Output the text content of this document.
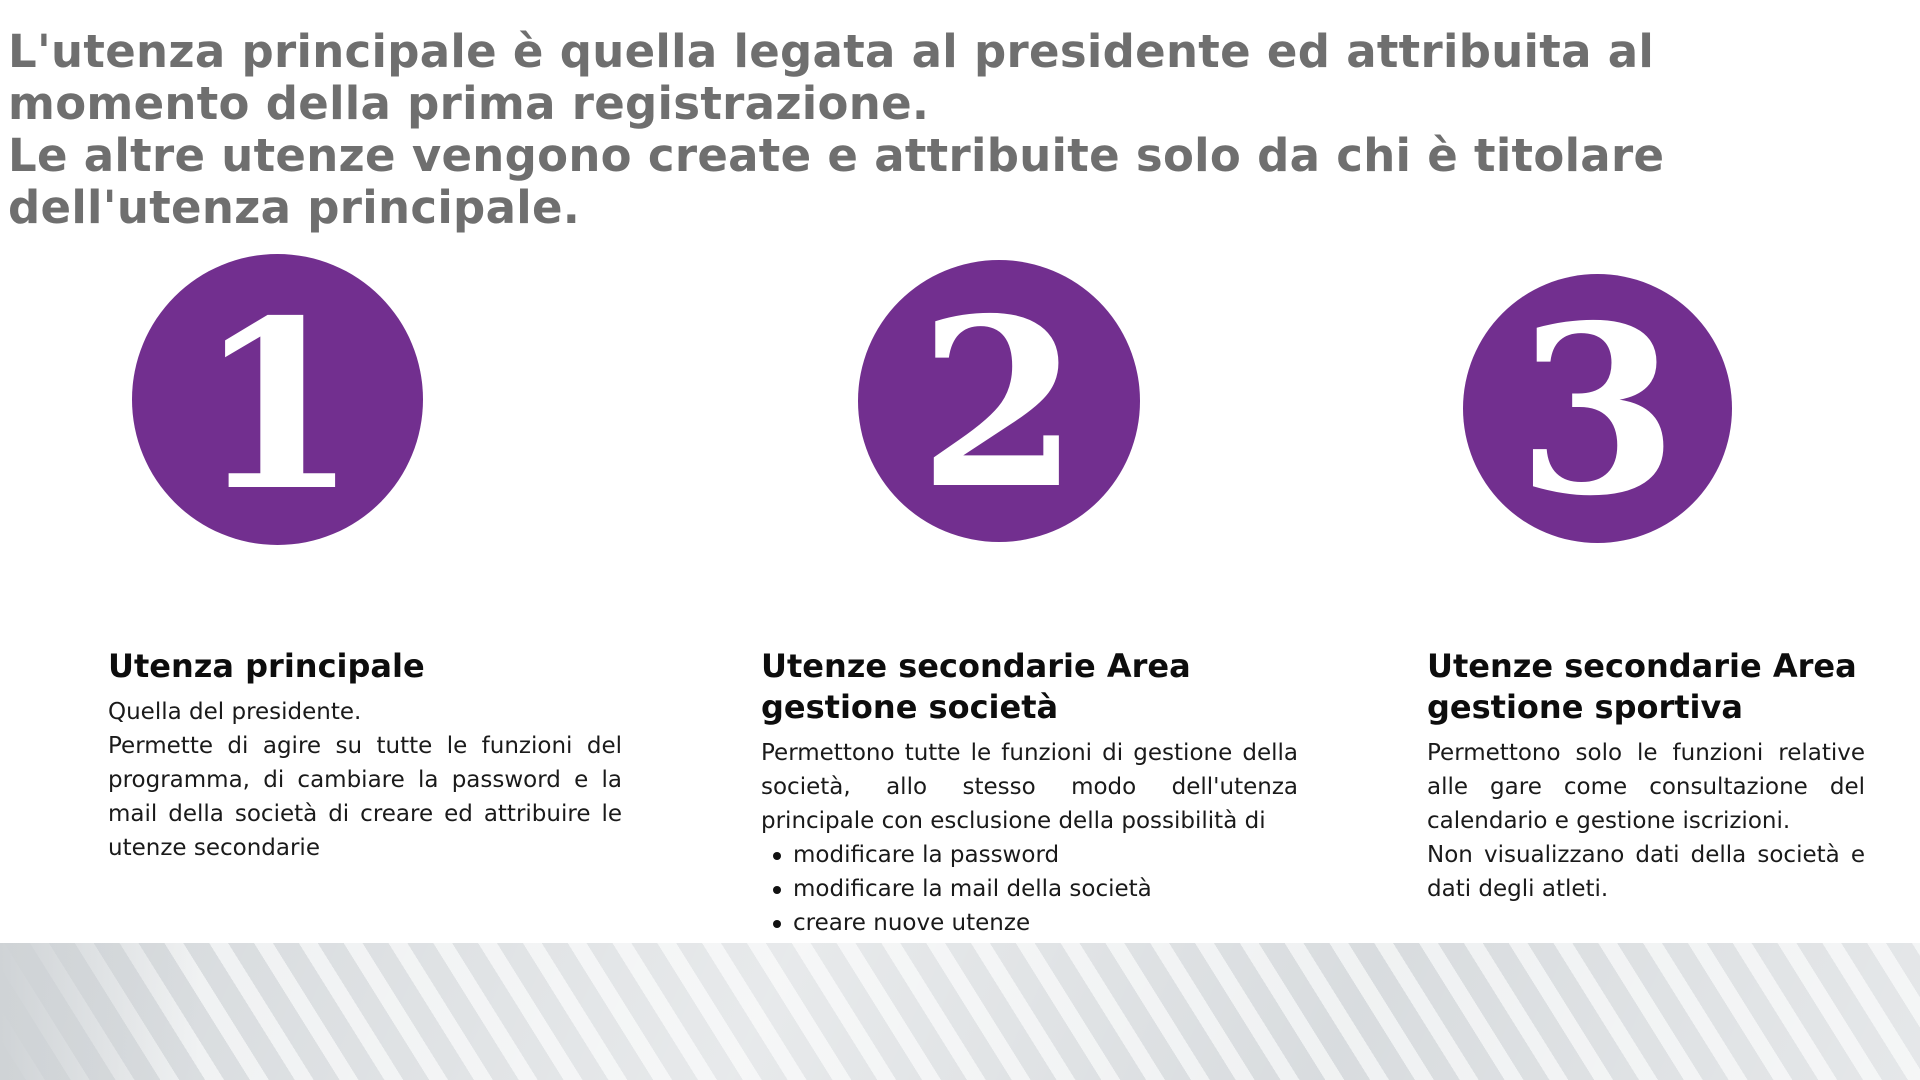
L'utenza principale è quella legata al presidente ed attribuita al momento della prima registrazione.

Le altre utenze vengono create e attribuite solo da chi è titolare dell'utenza principale.

1
Utenza principale

Quella del presidente.

Permette di agire su tutte le funzioni del programma, di cambiare la password e la mail della società di creare ed attribuire le utenze secondarie

2
Utenze secondarie Area gestione società

Permettono tutte le funzioni di gestione della società, allo stesso modo dell'utenza principale con esclusione della possibilità di

modificare la password
modificare la mail della società
creare nuove utenze
3
Utenze secondarie Area gestione sportiva

Permettono solo le funzioni relative alle gare come consultazione del calendario e gestione iscrizioni.

Non visualizzano dati della società e dati degli atleti.
